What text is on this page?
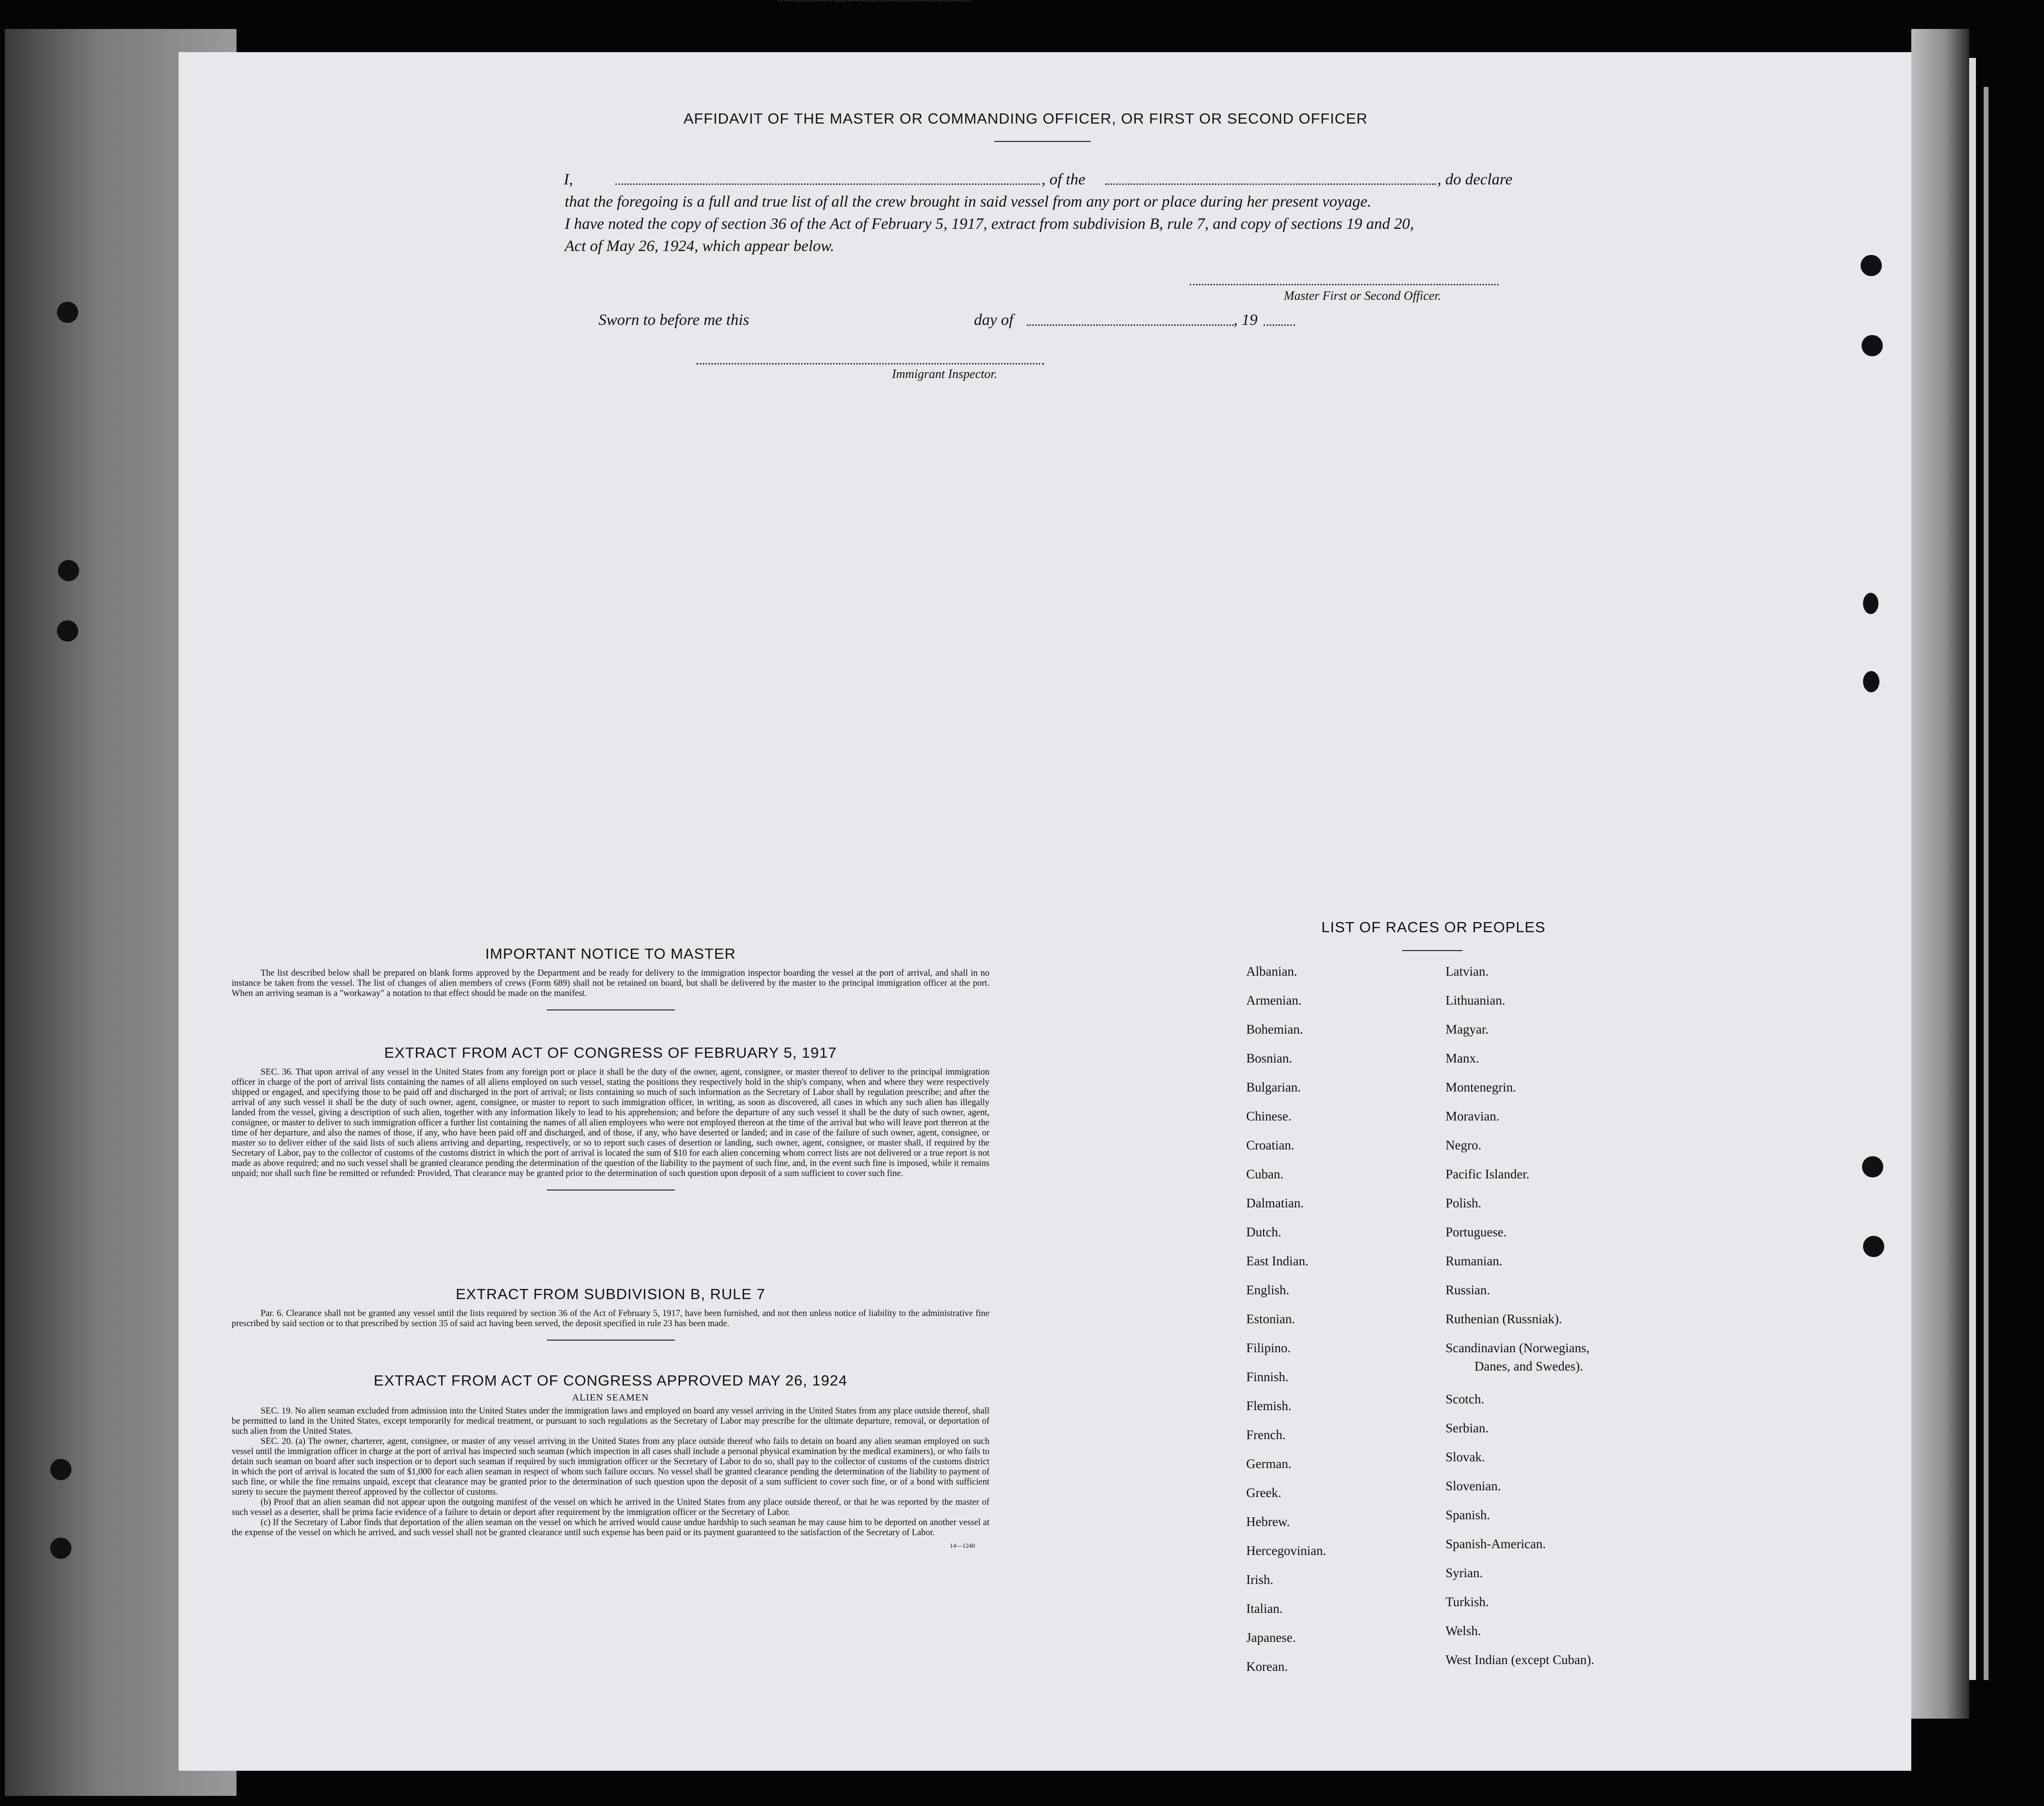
AFFIDAVIT OF THE MASTER OR COMMANDING OFFICER, OR FIRST OR SECOND OFFICER
I,	, of the	, do declare
that the foregoing is a full and true list of all the crew brought in said vessel from any port or place during her present voyage.
I have noted the copy of section 36 of the Act of February 5, 1917, extract from subdivision B, rule 7, and copy of sections 19 and 20,
Act of May 26, 1924, which appear below.
Master First or Second Officer.
Sworn to before me this	day of	, 19
Immigrant Inspector.

IMPORTANT NOTICE TO MASTER

The list described below shall be prepared on blank forms approved by the Department and be ready for delivery to the immigration inspector boarding the vessel at the port of arrival, and shall in no instance be taken from the vessel. The list of changes of alien members of crews (Form 689) shall not be retained on board, but shall be delivered by the master to the principal immigration officer at the port. When an arriving seaman is a "workaway" a notation to that effect should be made on the manifest.

EXTRACT FROM ACT OF CONGRESS OF FEBRUARY 5, 1917

SEC. 36. That upon arrival of any vessel in the United States from any foreign port or place it shall be the duty of the owner, agent, consignee, or master thereof to deliver to the principal immigration officer in charge of the port of arrival lists containing the names of all aliens employed on such vessel, stating the positions they respectively hold in the ship's company, when and where they were respectively shipped or engaged, and specifying those to be paid off and discharged in the port of arrival; or lists containing so much of such information as the Secretary of Labor shall by regulation prescribe; and after the arrival of any such vessel it shall be the duty of such owner, agent, consignee, or master to report to such immigration officer, in writing, as soon as discovered, all cases in which any such alien has illegally landed from the vessel, giving a description of such alien, together with any information likely to lead to his apprehension; and before the departure of any such vessel it shall be the duty of such owner, agent, consignee, or master to deliver to such immigration officer a further list containing the names of all alien employees who were not employed thereon at the time of the arrival but who will leave port thereon at the time of her departure, and also the names of those, if any, who have been paid off and discharged, and of those, if any, who have deserted or landed; and in case of the failure of such owner, agent, consignee, or master so to deliver either of the said lists of such aliens arriving and departing, respectively, or so to report such cases of desertion or landing, such owner, agent, consignee, or master shall, if required by the Secretary of Labor, pay to the collector of customs of the customs district in which the port of arrival is located the sum of $10 for each alien concerning whom correct lists are not delivered or a true report is not made as above required; and no such vessel shall be granted clearance pending the determination of the question of the liability to the payment of such fine, and, in the event such fine is imposed, while it remains unpaid; nor shall such fine be remitted or refunded: Provided, That clearance may be granted prior to the determination of such question upon deposit of a sum sufficient to cover such fine.

EXTRACT FROM SUBDIVISION B, RULE 7

Par. 6. Clearance shall not be granted any vessel until the lists required by section 36 of the Act of February 5, 1917, have been furnished, and not then unless notice of liability to the administrative fine prescribed by said section or to that prescribed by section 35 of said act having been served, the deposit specified in rule 23 has been made.

EXTRACT FROM ACT OF CONGRESS APPROVED MAY 26, 1924

ALIEN SEAMEN

SEC. 19. No alien seaman excluded from admission into the United States under the immigration laws and employed on board any vessel arriving in the United States from any place outside thereof, shall be permitted to land in the United States, except temporarily for medical treatment, or pursuant to such regulations as the Secretary of Labor may prescribe for the ultimate departure, removal, or deportation of such alien from the United States.

SEC. 20. (a) The owner, charterer, agent, consignee, or master of any vessel arriving in the United States from any place outside thereof who fails to detain on board any alien seaman employed on such vessel until the immigration officer in charge at the port of arrival has inspected such seaman (which inspection in all cases shall include a personal physical examination by the medical examiners), or who fails to detain such seaman on board after such inspection or to deport such seaman if required by such immigration officer or the Secretary of Labor to do so, shall pay to the collector of customs of the customs district in which the port of arrival is located the sum of $1,000 for each alien seaman in respect of whom such failure occurs. No vessel shall be granted clearance pending the determination of the liability to payment of such fine, or while the fine remains unpaid, except that clearance may be granted prior to the determination of such question upon the deposit of a sum sufficient to cover such fine, or of a bond with sufficient surety to secure the payment thereof approved by the collector of customs.

(b) Proof that an alien seaman did not appear upon the outgoing manifest of the vessel on which he arrived in the United States from any place outside thereof, or that he was reported by the master of such vessel as a deserter, shall be prima facie evidence of a failure to detain or deport after requirement by the immigration officer or the Secretary of Labor.

(c) If the Secretary of Labor finds that deportation of the alien seaman on the vessel on which he arrived would cause undue hardship to such seaman he may cause him to be deported on another vessel at the expense of the vessel on which he arrived, and such vessel shall not be granted clearance until such expense has been paid or its payment guaranteed to the satisfaction of the Secretary of Labor.

14—1240

LIST OF RACES OR PEOPLES
Albanian.
Armenian.
Bohemian.
Bosnian.
Bulgarian.
Chinese.
Croatian.
Cuban.
Dalmatian.
Dutch.
East Indian.
English.
Estonian.
Filipino.
Finnish.
Flemish.
French.
German.
Greek.
Hebrew.
Hercegovinian.
Irish.
Italian.
Japanese.
Korean.
Latvian.
Lithuanian.
Magyar.
Manx.
Montenegrin.
Moravian.
Negro.
Pacific Islander.
Polish.
Portuguese.
Rumanian.
Russian.
Ruthenian (Russniak).
Scandinavian (Norwegians,
Danes, and Swedes).
Scotch.
Serbian.
Slovak.
Slovenian.
Spanish.
Spanish-American.
Syrian.
Turkish.
Welsh.
West Indian (except Cuban).
